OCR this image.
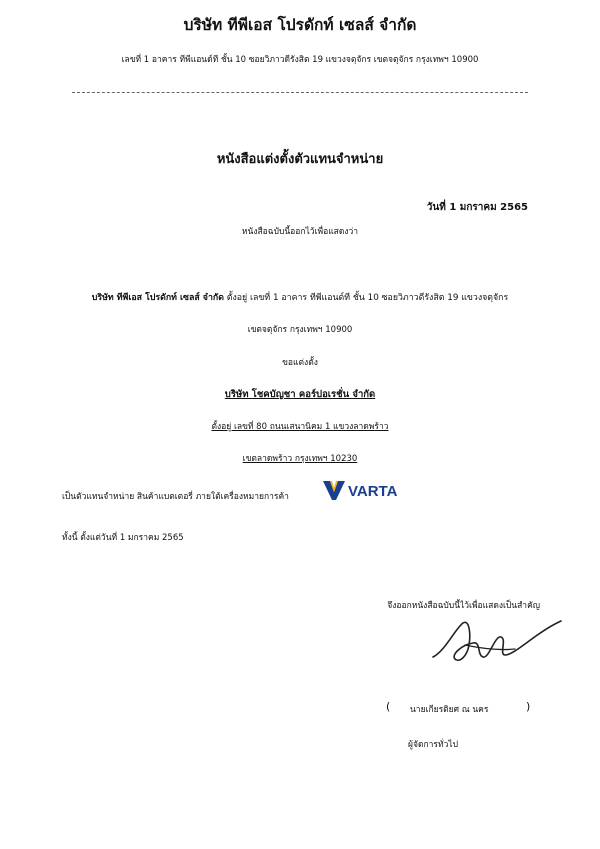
บริษัท ทีพีเอส โปรดักท์ เซลส์ จำกัด
เลขที่ 1 อาคาร ทีพีแอนด์ที ชั้น 10 ซอยวิภาวดีรังสิต 19 แขวงจตุจักร เขตจตุจักร กรุงเทพฯ 10900
หนังสือแต่งตั้งตัวแทนจำหน่าย
วันที่ 1 มกราคม 2565
หนังสือฉบับนี้ออกไว้เพื่อแสดงว่า
บริษัท ทีพีเอส โปรดักท์ เซลส์ จำกัด ตั้งอยู่ เลขที่ 1 อาคาร ทีพีแอนด์ที ชั้น 10 ซอยวิภาวดีรังสิต 19 แขวงจตุจักร
เขตจตุจักร กรุงเทพฯ 10900
ขอแต่งตั้ง
บริษัท โชคบัญชา คอร์ปอเรชั่น จำกัด
ตั้งอยู่ เลขที่ 80 ถนนเสนานิคม 1 แขวงลาดพร้าว
เขตลาดพร้าว กรุงเทพฯ 10230
เป็นตัวแทนจำหน่าย สินค้าแบตเตอรี่ ภายใต้เครื่องหมายการค้า	VARTA
ทั้งนี้ ตั้งแต่วันที่ 1 มกราคม 2565
จึงออกหนังสือฉบับนี้ไว้เพื่อแสดงเป็นสำคัญ
( นายเกียรติยศ ณ นคร	)
ผู้จัดการทั่วไป
